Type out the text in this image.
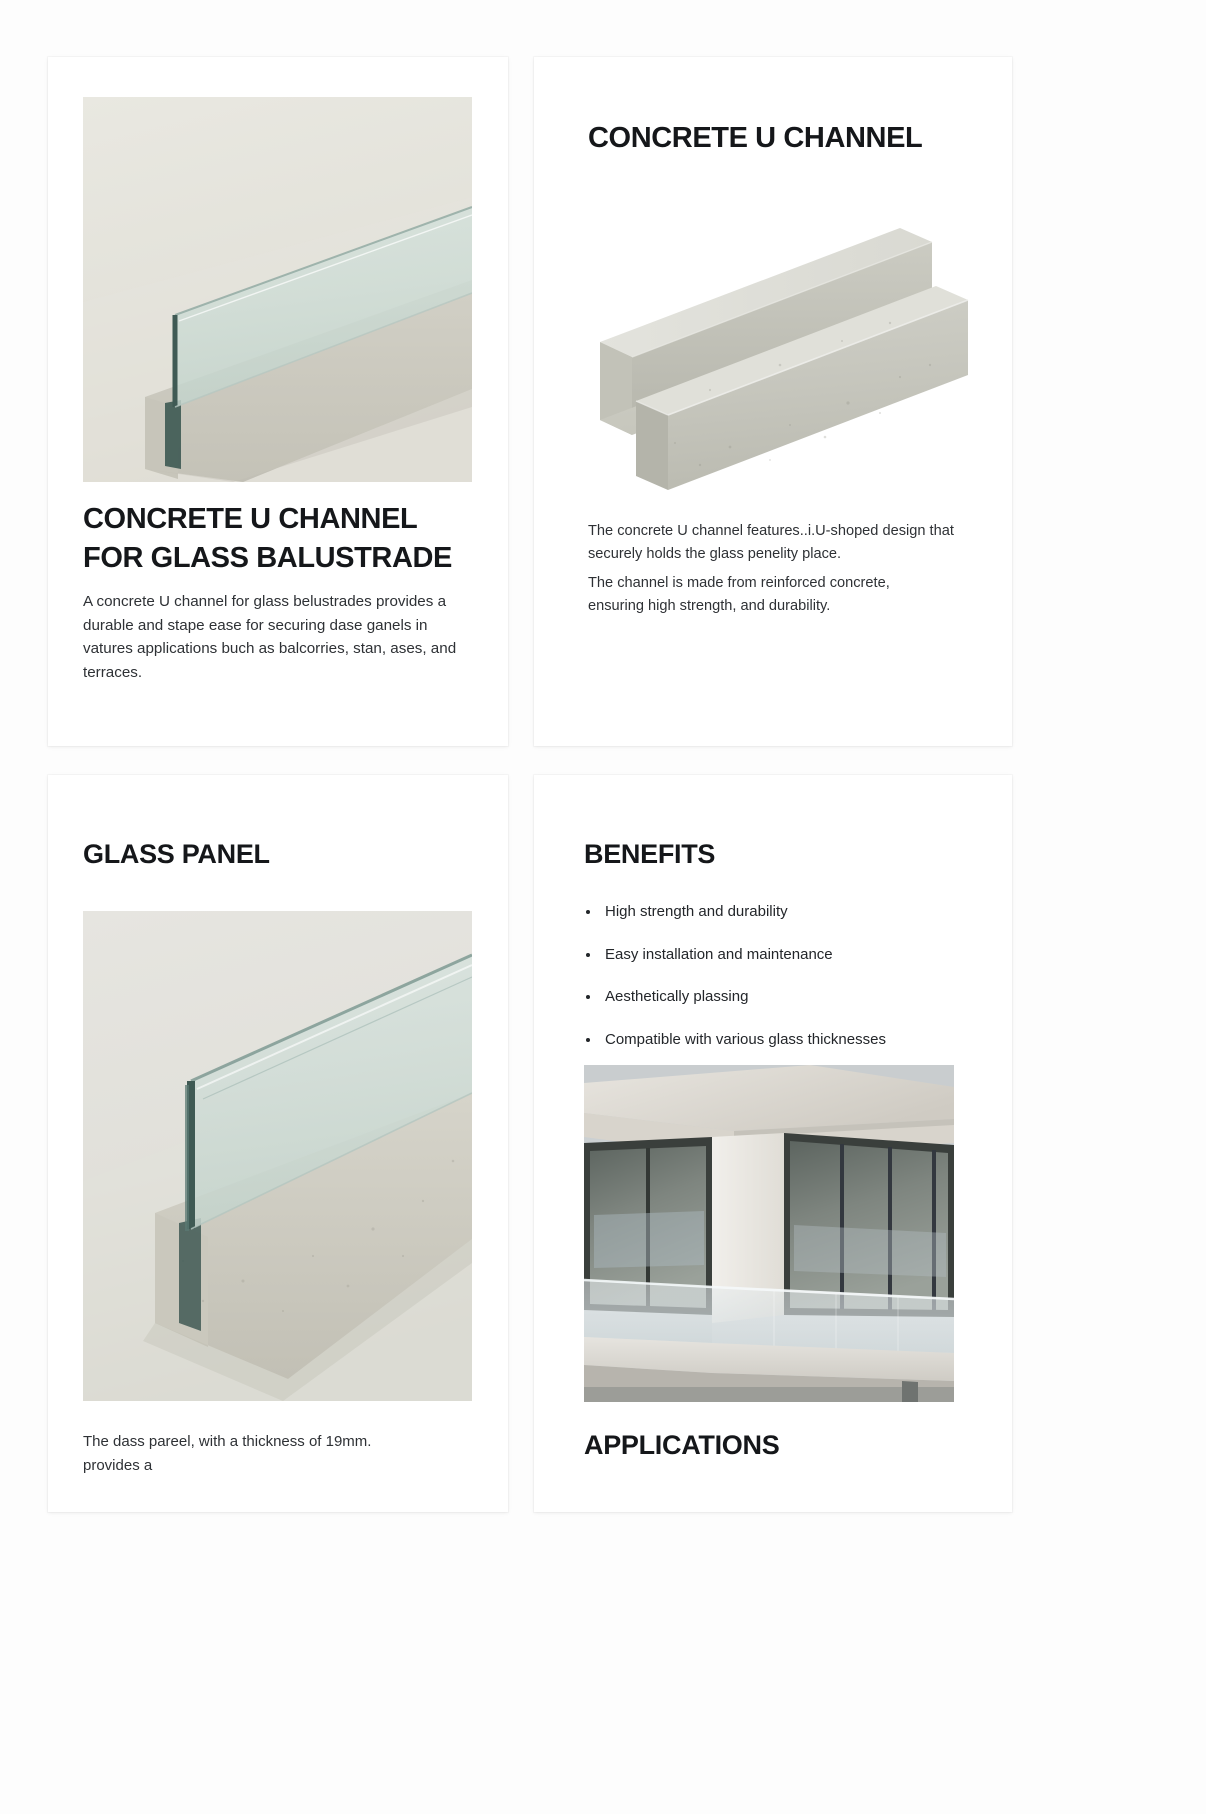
CONCRETE U CHANNEL
FOR GLASS BALUSTRADE

A concrete U channel for glass belustrades provides a durable and stape ease for securing dase ganels in vatures applications buch as balcorries, stan, ases, and terraces.

CONCRETE U CHANNEL

The concrete U channel features..i.U-shoped design that securely holds the glass penelity place.

The channel is made from reinforced concrete, ensuring high strength, and durability.

GLASS PANEL
The dass pareel, with a thickness of 19mm.
provides a
BENEFITS
High strength and durability
Easy installation and maintenance
Aesthetically plassing
Compatible with various glass thicknesses
APPLICATIONS
